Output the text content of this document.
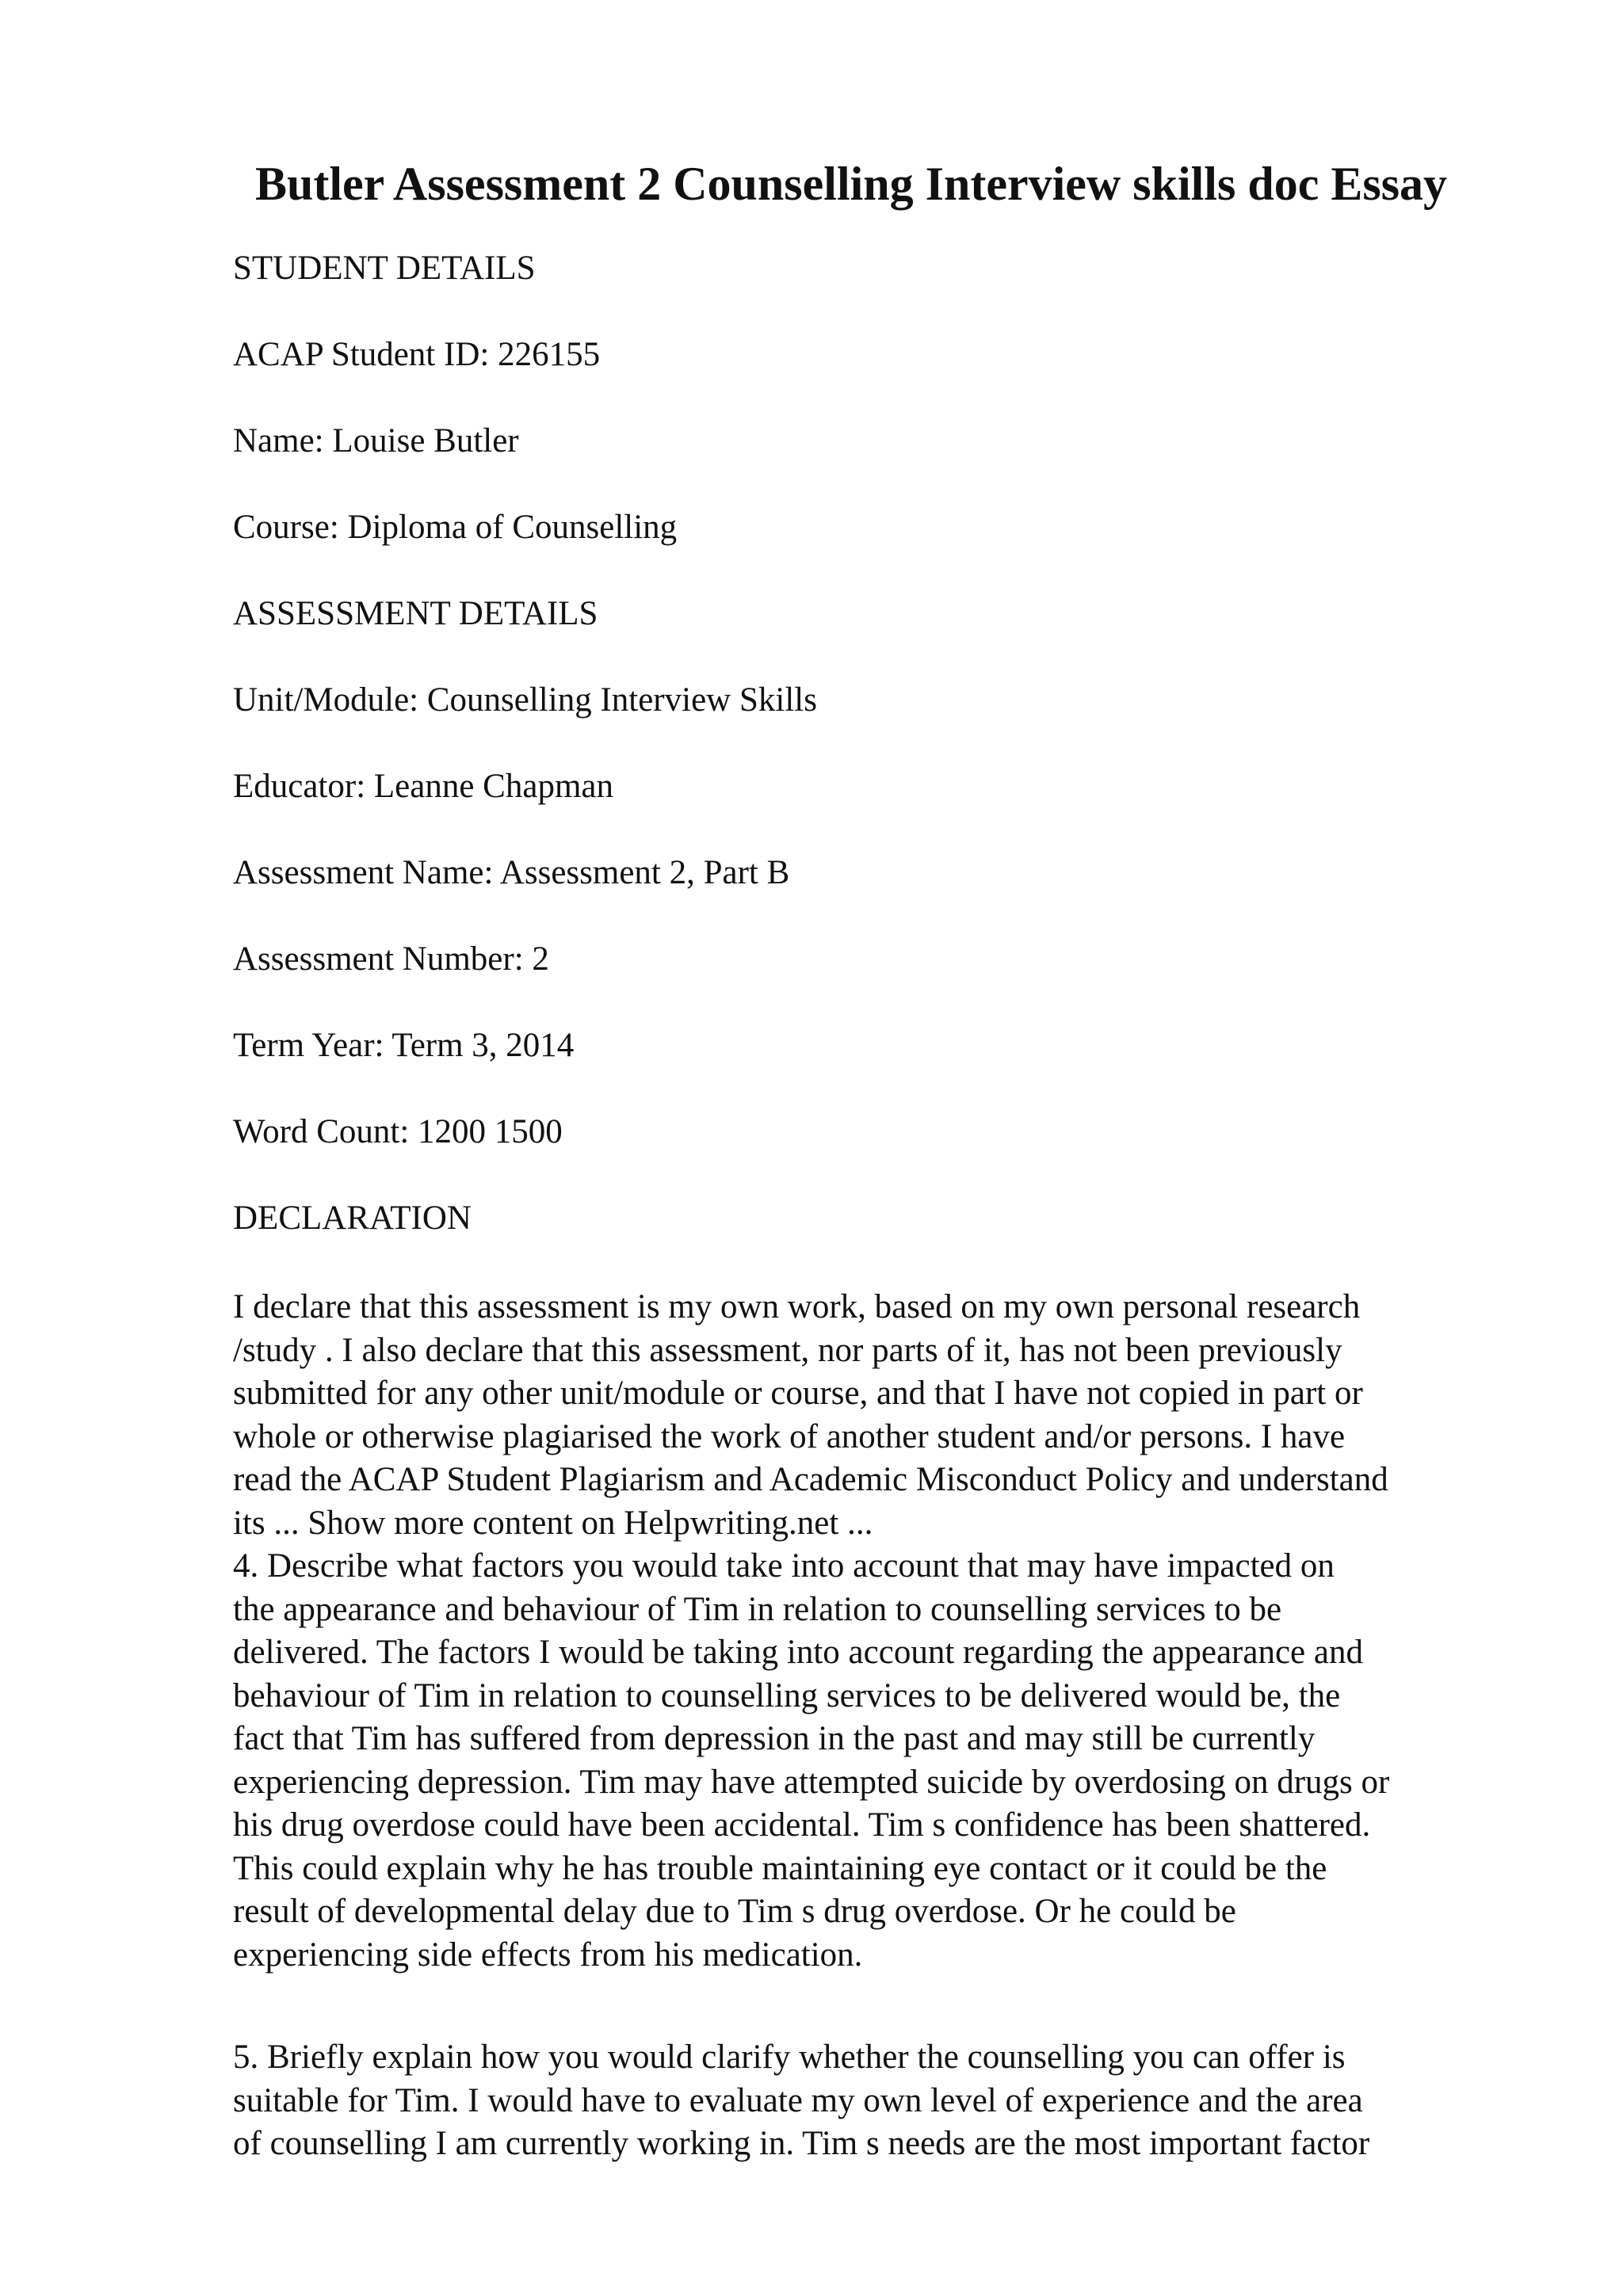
Butler Assessment 2 Counselling Interview skills doc Essay

STUDENT DETAILS

ACAP Student ID: 226155

Name: Louise Butler

Course: Diploma of Counselling

ASSESSMENT DETAILS

Unit/Module: Counselling Interview Skills

Educator: Leanne Chapman

Assessment Name: Assessment 2, Part B

Assessment Number: 2

Term Year: Term 3, 2014

Word Count: 1200 1500

DECLARATION

I declare that this assessment is my own work, based on my own personal research
/study . I also declare that this assessment, nor parts of it, has not been previously
submitted for any other unit/module or course, and that I have not copied in part or
whole or otherwise plagiarised the work of another student and/or persons. I have
read the ACAP Student Plagiarism and Academic Misconduct Policy and understand
its ... Show more content on Helpwriting.net ...
4. Describe what factors you would take into account that may have impacted on
the appearance and behaviour of Tim in relation to counselling services to be
delivered. The factors I would be taking into account regarding the appearance and
behaviour of Tim in relation to counselling services to be delivered would be, the
fact that Tim has suffered from depression in the past and may still be currently
experiencing depression. Tim may have attempted suicide by overdosing on drugs or
his drug overdose could have been accidental. Tim s confidence has been shattered.
This could explain why he has trouble maintaining eye contact or it could be the
result of developmental delay due to Tim s drug overdose. Or he could be
experiencing side effects from his medication.
5. Briefly explain how you would clarify whether the counselling you can offer is
suitable for Tim. I would have to evaluate my own level of experience and the area
of counselling I am currently working in. Tim s needs are the most important factor
